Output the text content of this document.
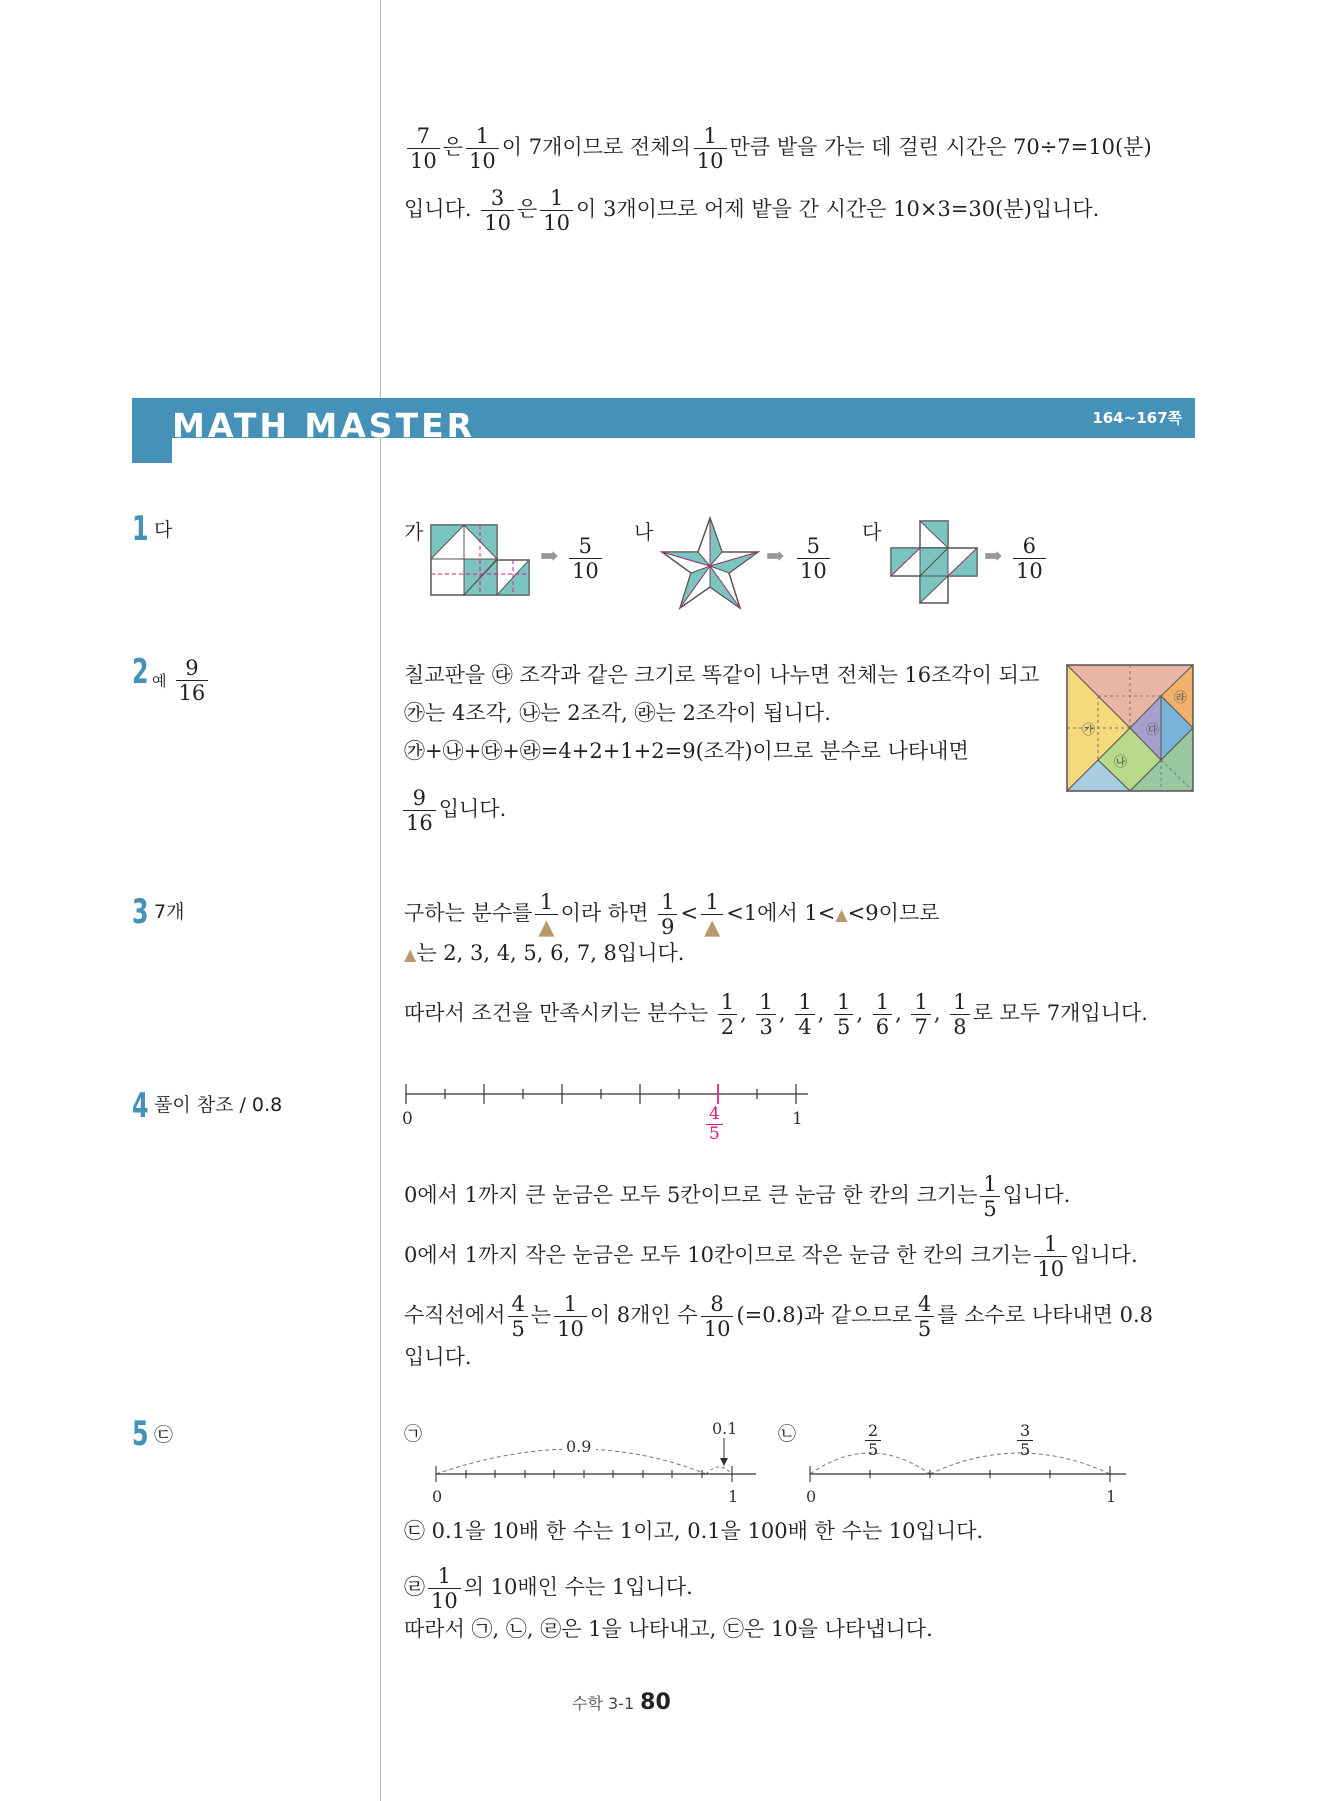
$\frac{7}{10}$ 은 $\frac{1}{10}$ 이 7개이므로 전체의 $\frac{1}{10}$ 만큼 밭을 가는 데 걸린 시간은 70÷7=10(분)
입니다. $\frac{3}{10}$ 은 $\frac{1}{10}$ 이 3개이므로 어제 밭을 간 시간은 10×3=30(분)입니다.
MATH MASTER	164~167쪽
1 다	가
➡ $\frac{5}{10}$
나
➡ $\frac{5}{10}$
다
➡ $\frac{6}{10}$
2 예 $\frac{9}{16}$	칠교판을 ㉰ 조각과 같은 크기로 똑같이 나누면 전체는 16조각이 되고
㉮는 4조각, ㉯는 2조각, ㉱는 2조각이 됩니다.
㉮+㉯+㉰+㉱=4+2+1+2=9(조각)이므로 분수로 나타내면
$\frac{9}{16}$ 입니다.
㉮
㉯
㉰
㉱
3 7개	구하는 분수를 $\frac{1}{▲}$ 이라 하면 $\frac{1}{9} < \frac{1}{▲} <1$에서 1<▲<9이므로
▲는 2, 3, 4, 5, 6, 7, 8입니다.
따라서 조건을 만족시키는 분수는 $\frac{1}{2}$ , $\frac{1}{3}$ , $\frac{1}{4}$ , $\frac{1}{5}$ , $\frac{1}{6}$ , $\frac{1}{7}$ , $\frac{1}{8}$ 로 모두 7개입니다.
4 풀이 참조 / 0.8
0	1
$\frac{4}{5}$
0에서 1까지 큰 눈금은 모두 5칸이므로 큰 눈금 한 칸의 크기는 $\frac{1}{5}$ 입니다.
0에서 1까지 작은 눈금은 모두 10칸이므로 작은 눈금 한 칸의 크기는 $\frac{1}{10}$ 입니다.
수직선에서 $\frac{4}{5}$ 는 $\frac{1}{10}$ 이 8개인 수 $\frac{8}{10} (=0.8)$과 같으므로 $\frac{4}{5}$ 를 소수로 나타내면 0.8
입니다.
5 ㉢	㉠
0.9
0.1
0	1
㉡
0	1
$\frac{2}{5}$	$\frac{3}{5}$
㉢ 0.1을 10배 한 수는 1이고, 0.1을 100배 한 수는 10입니다.
㉣ $\frac{1}{10}$ 의 10배인 수는 1입니다.
따라서 ㉠, ㉡, ㉣은 1을 나타내고, ㉢은 10을 나타냅니다.
수학 3-1 80
